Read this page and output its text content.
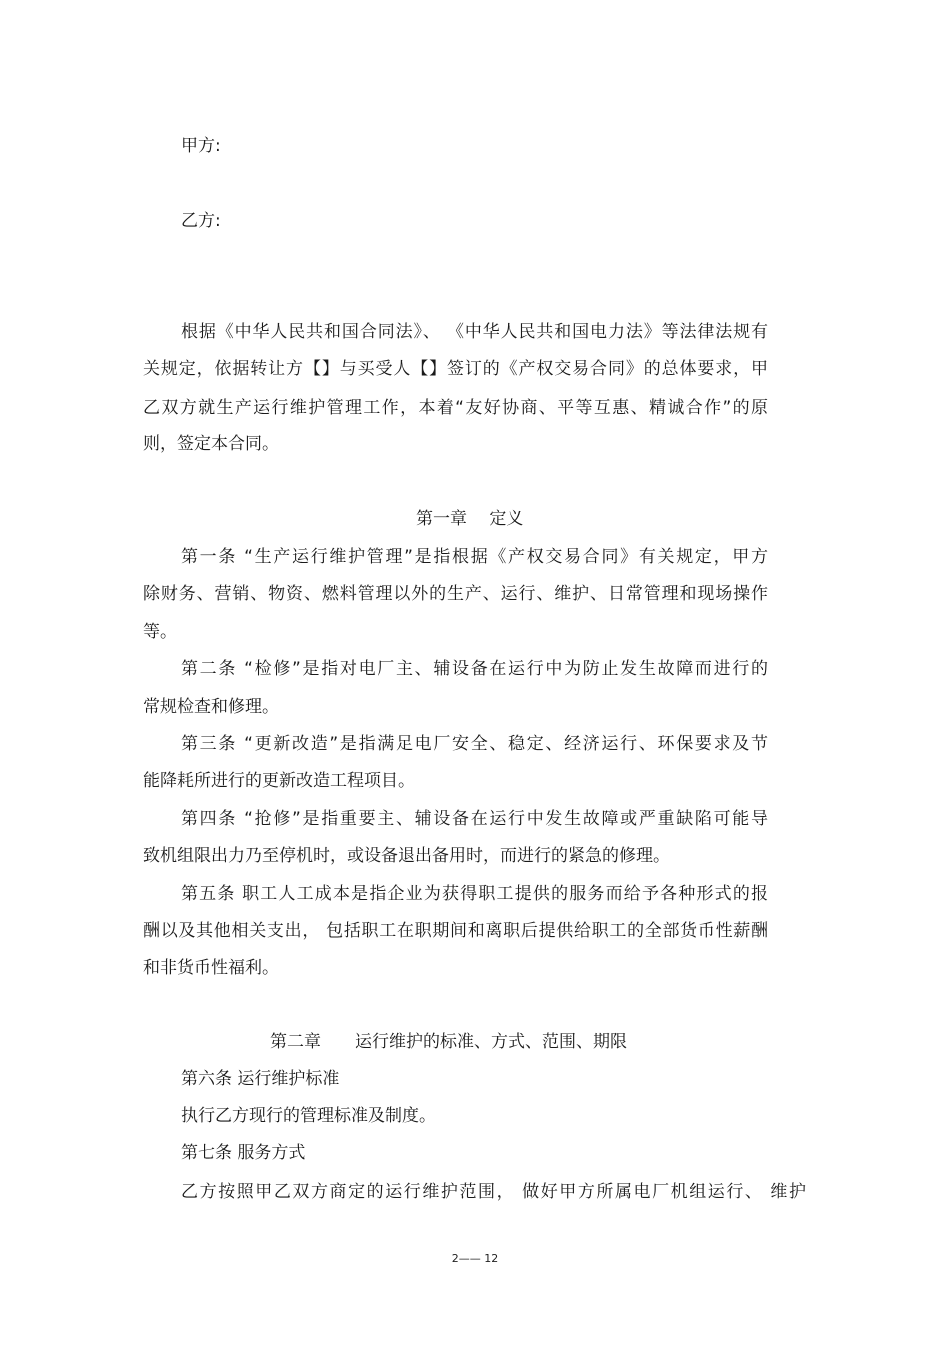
甲方:

乙方:

根据《中华人民共和国合同法》、 《中华人民共和国电力法》等法律法规有

关规定，依据转让方【】与买受人【】签订的《产权交易合同》的总体要求，甲

乙双方就生产运行维护管理工作，本着“友好协商、平等互惠、精诚合作”的原

则，签定本合同。

第一章　 定义

第一条 “生产运行维护管理”是指根据《产权交易合同》有关规定，甲方

除财务、营销、物资、燃料管理以外的生产、运行、维护、日常管理和现场操作

等。

第二条 “检修”是指对电厂主、辅设备在运行中为防止发生故障而进行的

常规检查和修理。

第三条 “更新改造”是指满足电厂安全、稳定、经济运行、环保要求及节

能降耗所进行的更新改造工程项目。

第四条 “抢修”是指重要主、辅设备在运行中发生故障或严重缺陷可能导

致机组限出力乃至停机时，或设备退出备用时，而进行的紧急的修理。

第五条 职工人工成本是指企业为获得职工提供的服务而给予各种形式的报

酬以及其他相关支出， 包括职工在职期间和离职后提供给职工的全部货币性薪酬

和非货币性福利。

第二章　　运行维护的标准、方式、范围、期限

第六条 运行维护标准

执行乙方现行的管理标准及制度。

第七条 服务方式

乙方按照甲乙双方商定的运行维护范围， 做好甲方所属电厂机组运行、 维护

2—— 12
